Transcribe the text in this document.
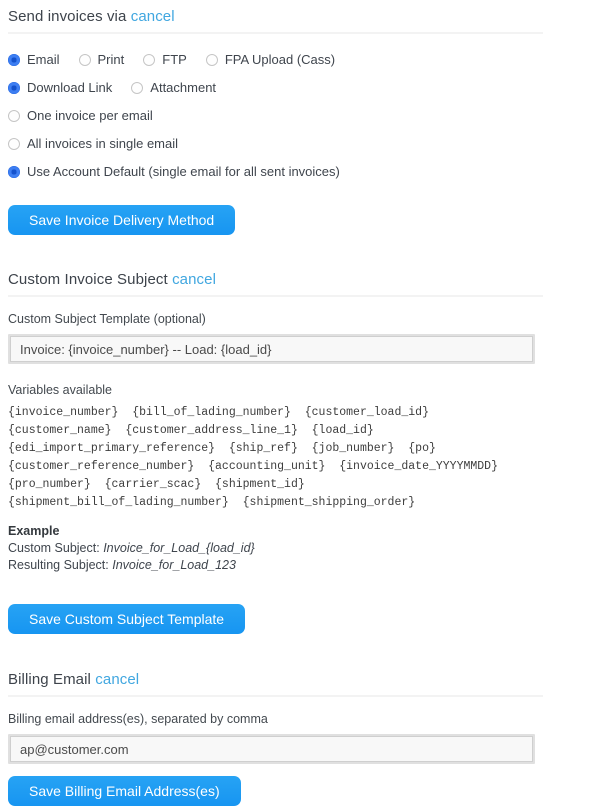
Send invoices via cancel
Email	Print	FTP	FPA Upload (Cass)
Download Link	Attachment
One invoice per email
All invoices in single email
Use Account Default (single email for all sent invoices)
Save Invoice Delivery Method
Custom Invoice Subject cancel
Custom Subject Template (optional)
Invoice: {invoice_number} -- Load: {load_id}
Variables available
{invoice_number}  {bill_of_lading_number}  {customer_load_id}
{customer_name}  {customer_address_line_1}  {load_id}
{edi_import_primary_reference}  {ship_ref}  {job_number}  {po}
{customer_reference_number}  {accounting_unit}  {invoice_date_YYYYMMDD}
{pro_number}  {carrier_scac}  {shipment_id}
{shipment_bill_of_lading_number}  {shipment_shipping_order}
Example
Custom Subject: Invoice_for_Load_{load_id}
Resulting Subject: Invoice_for_Load_123
Save Custom Subject Template
Billing Email cancel
Billing email address(es), separated by comma
ap@customer.com Save Billing Email Address(es)
